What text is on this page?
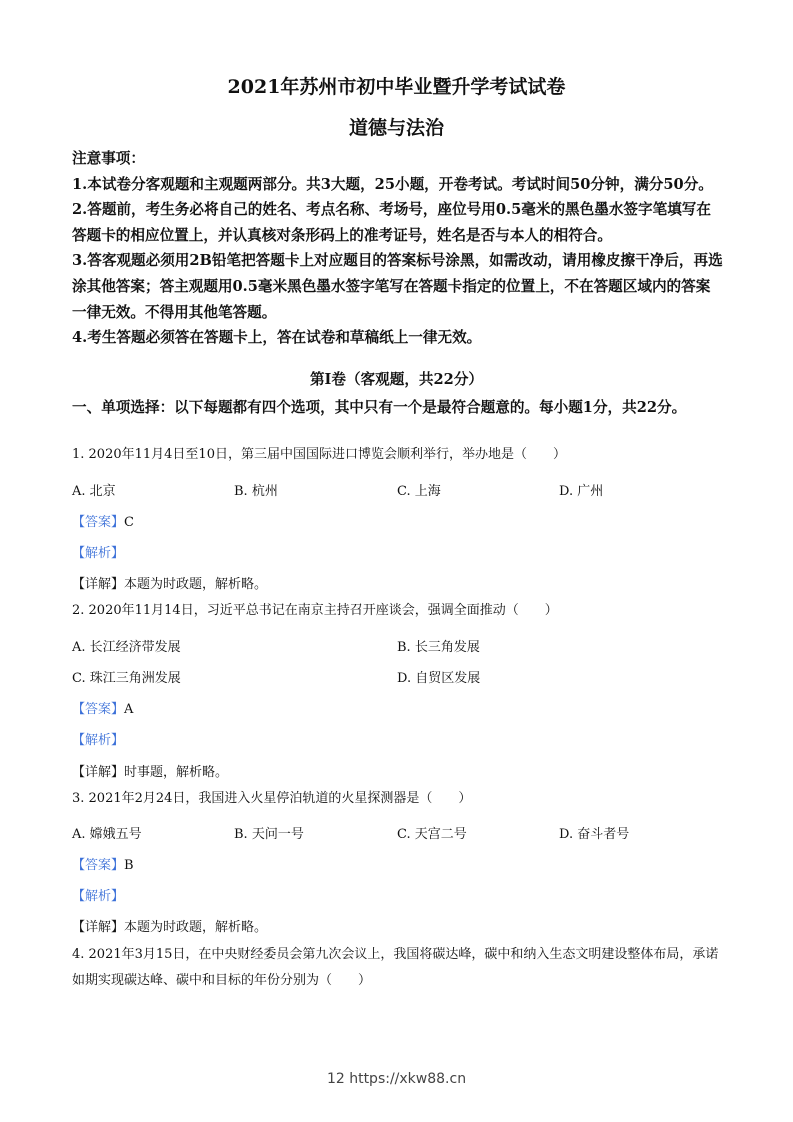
2021年苏州市初中毕业暨升学考试试卷
道德与法治

注意事项：

1.本试卷分客观题和主观题两部分。共3大题，25小题，开卷考试。考试时间50分钟，满分50分。

2.答题前，考生务必将自己的姓名、考点名称、考场号，座位号用0.5毫米的黑色墨水签字笔填写在答题卡的相应位置上，并认真核对条形码上的准考证号，姓名是否与本人的相符合。

3.答客观题必须用2B铅笔把答题卡上对应题目的答案标号涂黑，如需改动，请用橡皮擦干净后，再选涂其他答案；答主观题用0.5毫米黑色墨水签字笔写在答题卡指定的位置上，不在答题区域内的答案一律无效。不得用其他笔答题。

4.考生答题必须答在答题卡上，答在试卷和草稿纸上一律无效。

第Ⅰ卷（客观题，共22分）
一、单项选择：以下每题都有四个选项，其中只有一个是最符合题意的。每小题1分，共22分。
1. 2020年11月4日至10日，第三届中国国际进口博览会顺利举行，举办地是（　　）
A. 北京	B. 杭州	C. 上海	D. 广州
【答案】C
【解析】
【详解】本题为时政题，解析略。
2. 2020年11月14日，习近平总书记在南京主持召开座谈会，强调全面推动（　　）
A. 长江经济带发展	B. 长三角发展
C. 珠江三角洲发展	D. 自贸区发展
【答案】A
【解析】
【详解】时事题，解析略。
3. 2021年2月24日，我国进入火星停泊轨道的火星探测器是（　　）
A. 嫦娥五号	B. 天问一号	C. 天宫二号	D. 奋斗者号
【答案】B
【解析】
【详解】本题为时政题，解析略。
4. 2021年3月15日，在中央财经委员会第九次会议上，我国将碳达峰，碳中和纳入生态文明建设整体布局，承诺如期实现碳达峰、碳中和目标的年份分别为（　　）
12 https://xkw88.cn
